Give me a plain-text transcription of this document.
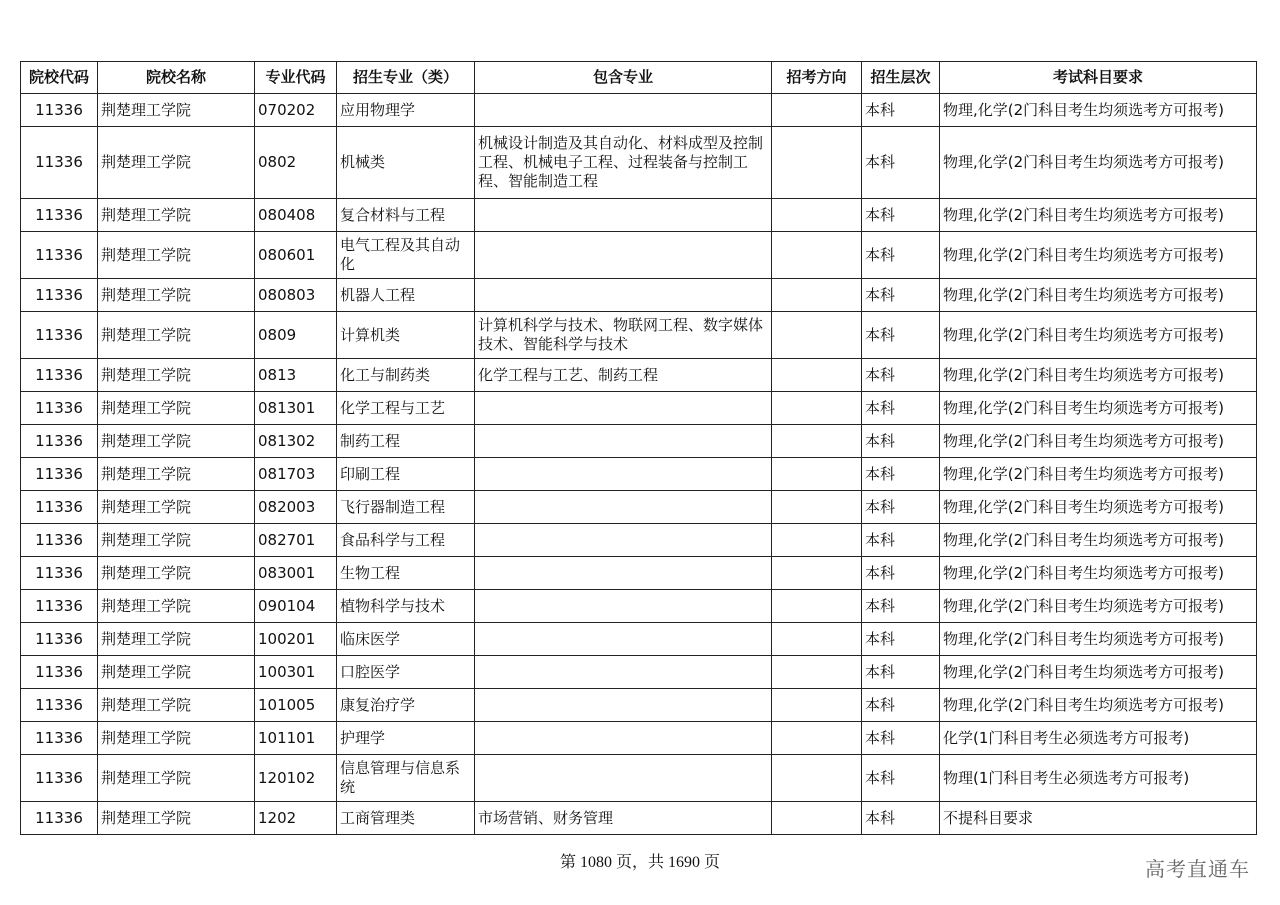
院校代码	院校名称	专业代码	招生专业（类）	包含专业	招考方向	招生层次	考试科目要求
11336	荆楚理工学院	070202	应用物理学			本科	物理,化学(2门科目考生均须选考方可报考)
11336	荆楚理工学院	0802	机械类	机械设计制造及其自动化、材料成型及控制工程、机械电子工程、过程装备与控制工程、智能制造工程		本科	物理,化学(2门科目考生均须选考方可报考)
11336	荆楚理工学院	080408	复合材料与工程			本科	物理,化学(2门科目考生均须选考方可报考)
11336	荆楚理工学院	080601	电气工程及其自动化			本科	物理,化学(2门科目考生均须选考方可报考)
11336	荆楚理工学院	080803	机器人工程			本科	物理,化学(2门科目考生均须选考方可报考)
11336	荆楚理工学院	0809	计算机类	计算机科学与技术、物联网工程、数字媒体技术、智能科学与技术		本科	物理,化学(2门科目考生均须选考方可报考)
11336	荆楚理工学院	0813	化工与制药类	化学工程与工艺、制药工程		本科	物理,化学(2门科目考生均须选考方可报考)
11336	荆楚理工学院	081301	化学工程与工艺			本科	物理,化学(2门科目考生均须选考方可报考)
11336	荆楚理工学院	081302	制药工程			本科	物理,化学(2门科目考生均须选考方可报考)
11336	荆楚理工学院	081703	印刷工程			本科	物理,化学(2门科目考生均须选考方可报考)
11336	荆楚理工学院	082003	飞行器制造工程			本科	物理,化学(2门科目考生均须选考方可报考)
11336	荆楚理工学院	082701	食品科学与工程			本科	物理,化学(2门科目考生均须选考方可报考)
11336	荆楚理工学院	083001	生物工程			本科	物理,化学(2门科目考生均须选考方可报考)
11336	荆楚理工学院	090104	植物科学与技术			本科	物理,化学(2门科目考生均须选考方可报考)
11336	荆楚理工学院	100201	临床医学			本科	物理,化学(2门科目考生均须选考方可报考)
11336	荆楚理工学院	100301	口腔医学			本科	物理,化学(2门科目考生均须选考方可报考)
11336	荆楚理工学院	101005	康复治疗学			本科	物理,化学(2门科目考生均须选考方可报考)
11336	荆楚理工学院	101101	护理学			本科	化学(1门科目考生必须选考方可报考)
11336	荆楚理工学院	120102	信息管理与信息系统			本科	物理(1门科目考生必须选考方可报考)
11336	荆楚理工学院	1202	工商管理类	市场营销、财务管理		本科	不提科目要求
第 1080 页，共 1690 页	高考直通车
